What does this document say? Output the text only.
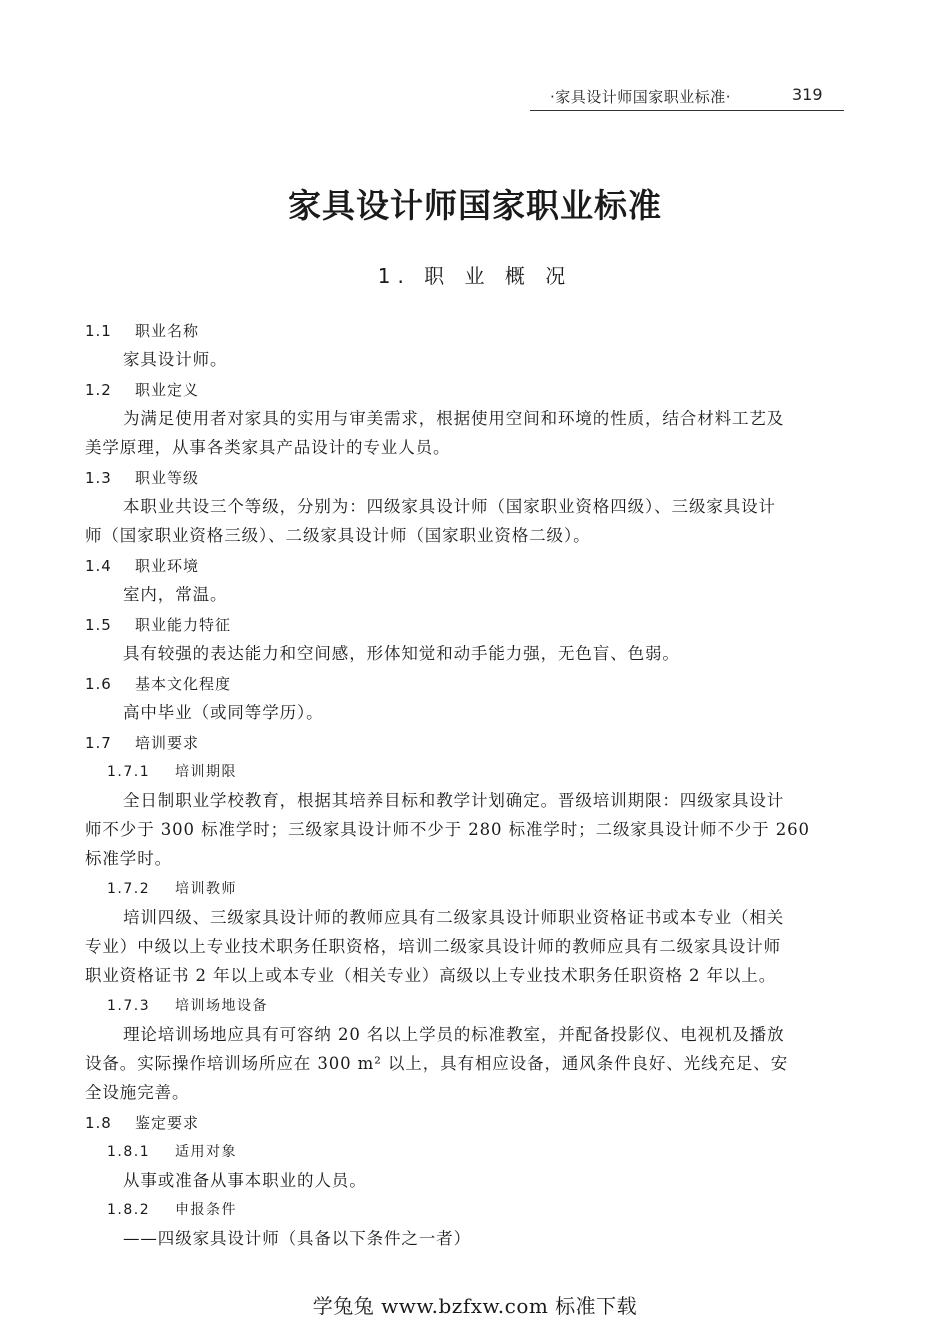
·家具设计师国家职业标准·	319
家具设计师国家职业标准
1. 职 业 概 况
1.1 职业名称
家具设计师。
1.2 职业定义
为满足使用者对家具的实用与审美需求，根据使用空间和环境的性质，结合材料工艺及
美学原理，从事各类家具产品设计的专业人员。
1.3 职业等级
本职业共设三个等级，分别为：四级家具设计师（国家职业资格四级）、三级家具设计
师（国家职业资格三级）、二级家具设计师（国家职业资格二级）。
1.4 职业环境
室内，常温。
1.5 职业能力特征
具有较强的表达能力和空间感，形体知觉和动手能力强，无色盲、色弱。
1.6 基本文化程度
高中毕业（或同等学历）。
1.7 培训要求
1.7.1 培训期限
全日制职业学校教育，根据其培养目标和教学计划确定。晋级培训期限：四级家具设计
师不少于 300 标准学时；三级家具设计师不少于 280 标准学时；二级家具设计师不少于 260
标准学时。
1.7.2 培训教师
培训四级、三级家具设计师的教师应具有二级家具设计师职业资格证书或本专业（相关
专业）中级以上专业技术职务任职资格，培训二级家具设计师的教师应具有二级家具设计师
职业资格证书 2 年以上或本专业（相关专业）高级以上专业技术职务任职资格 2 年以上。
1.7.3 培训场地设备
理论培训场地应具有可容纳 20 名以上学员的标准教室，并配备投影仪、电视机及播放
设备。实际操作培训场所应在 300 m² 以上，具有相应设备，通风条件良好、光线充足、安
全设施完善。
1.8 鉴定要求
1.8.1 适用对象
从事或准备从事本职业的人员。
1.8.2 申报条件
——四级家具设计师（具备以下条件之一者）
学兔兔 www.bzfxw.com 标准下载
